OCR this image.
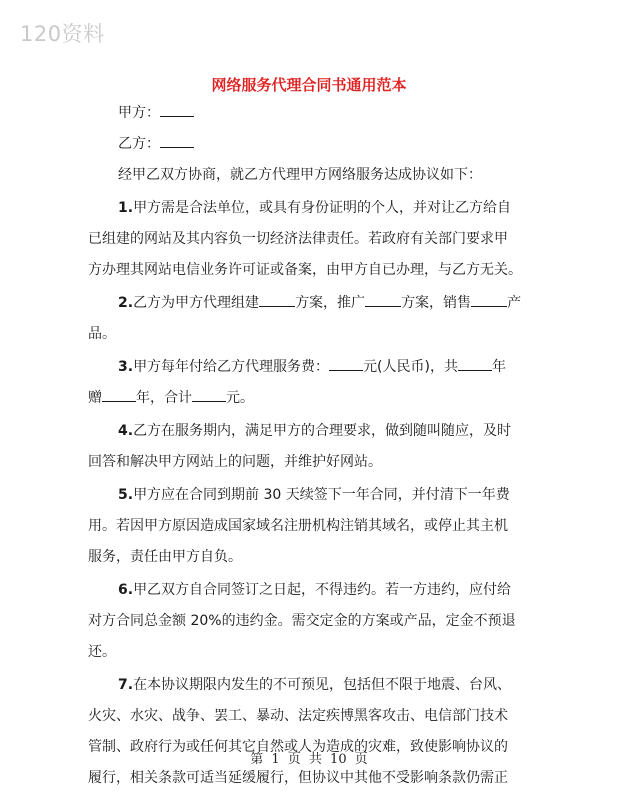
120资料
网络服务代理合同书通用范本
甲方：
乙方：
经甲乙双方协商，就乙方代理甲方网络服务达成协议如下：
1.甲方需是合法单位，或具有身份证明的个人，并对让乙方给自
已组建的网站及其内容负一切经济法律责任。若政府有关部门要求甲
方办理其网站电信业务许可证或备案，由甲方自已办理，与乙方无关。
2.乙方为甲方代理组建	方案，推广	方案，销售	产
品。
3.甲方每年付给乙方代理服务费： 元(人民币)，共 年
赠 年，合计 元。
4.乙方在服务期内，满足甲方的合理要求，做到随叫随应，及时
回答和解决甲方网站上的问题，并维护好网站。
5.甲方应在合同到期前 30 天续签下一年合同，并付清下一年费
用。若因甲方原因造成国家域名注册机构注销其域名，或停止其主机
服务，责任由甲方自负。
6.甲乙双方自合同签订之日起，不得违约。若一方违约，应付给
对方合同总金额 20%的违约金。需交定金的方案或产品，定金不预退
还。
7.在本协议期限内发生的不可预见，包括但不限于地震、台风、
火灾、水灾、战争、罢工、暴动、法定疾博黑客攻击、电信部门技术
管制、政府行为或任何其它自然或人为造成的灾难，致使影响协议的
履行，相关条款可适当延缓履行，但协议中其他不受影响条款仍需正
第 1 页 共 10 页
